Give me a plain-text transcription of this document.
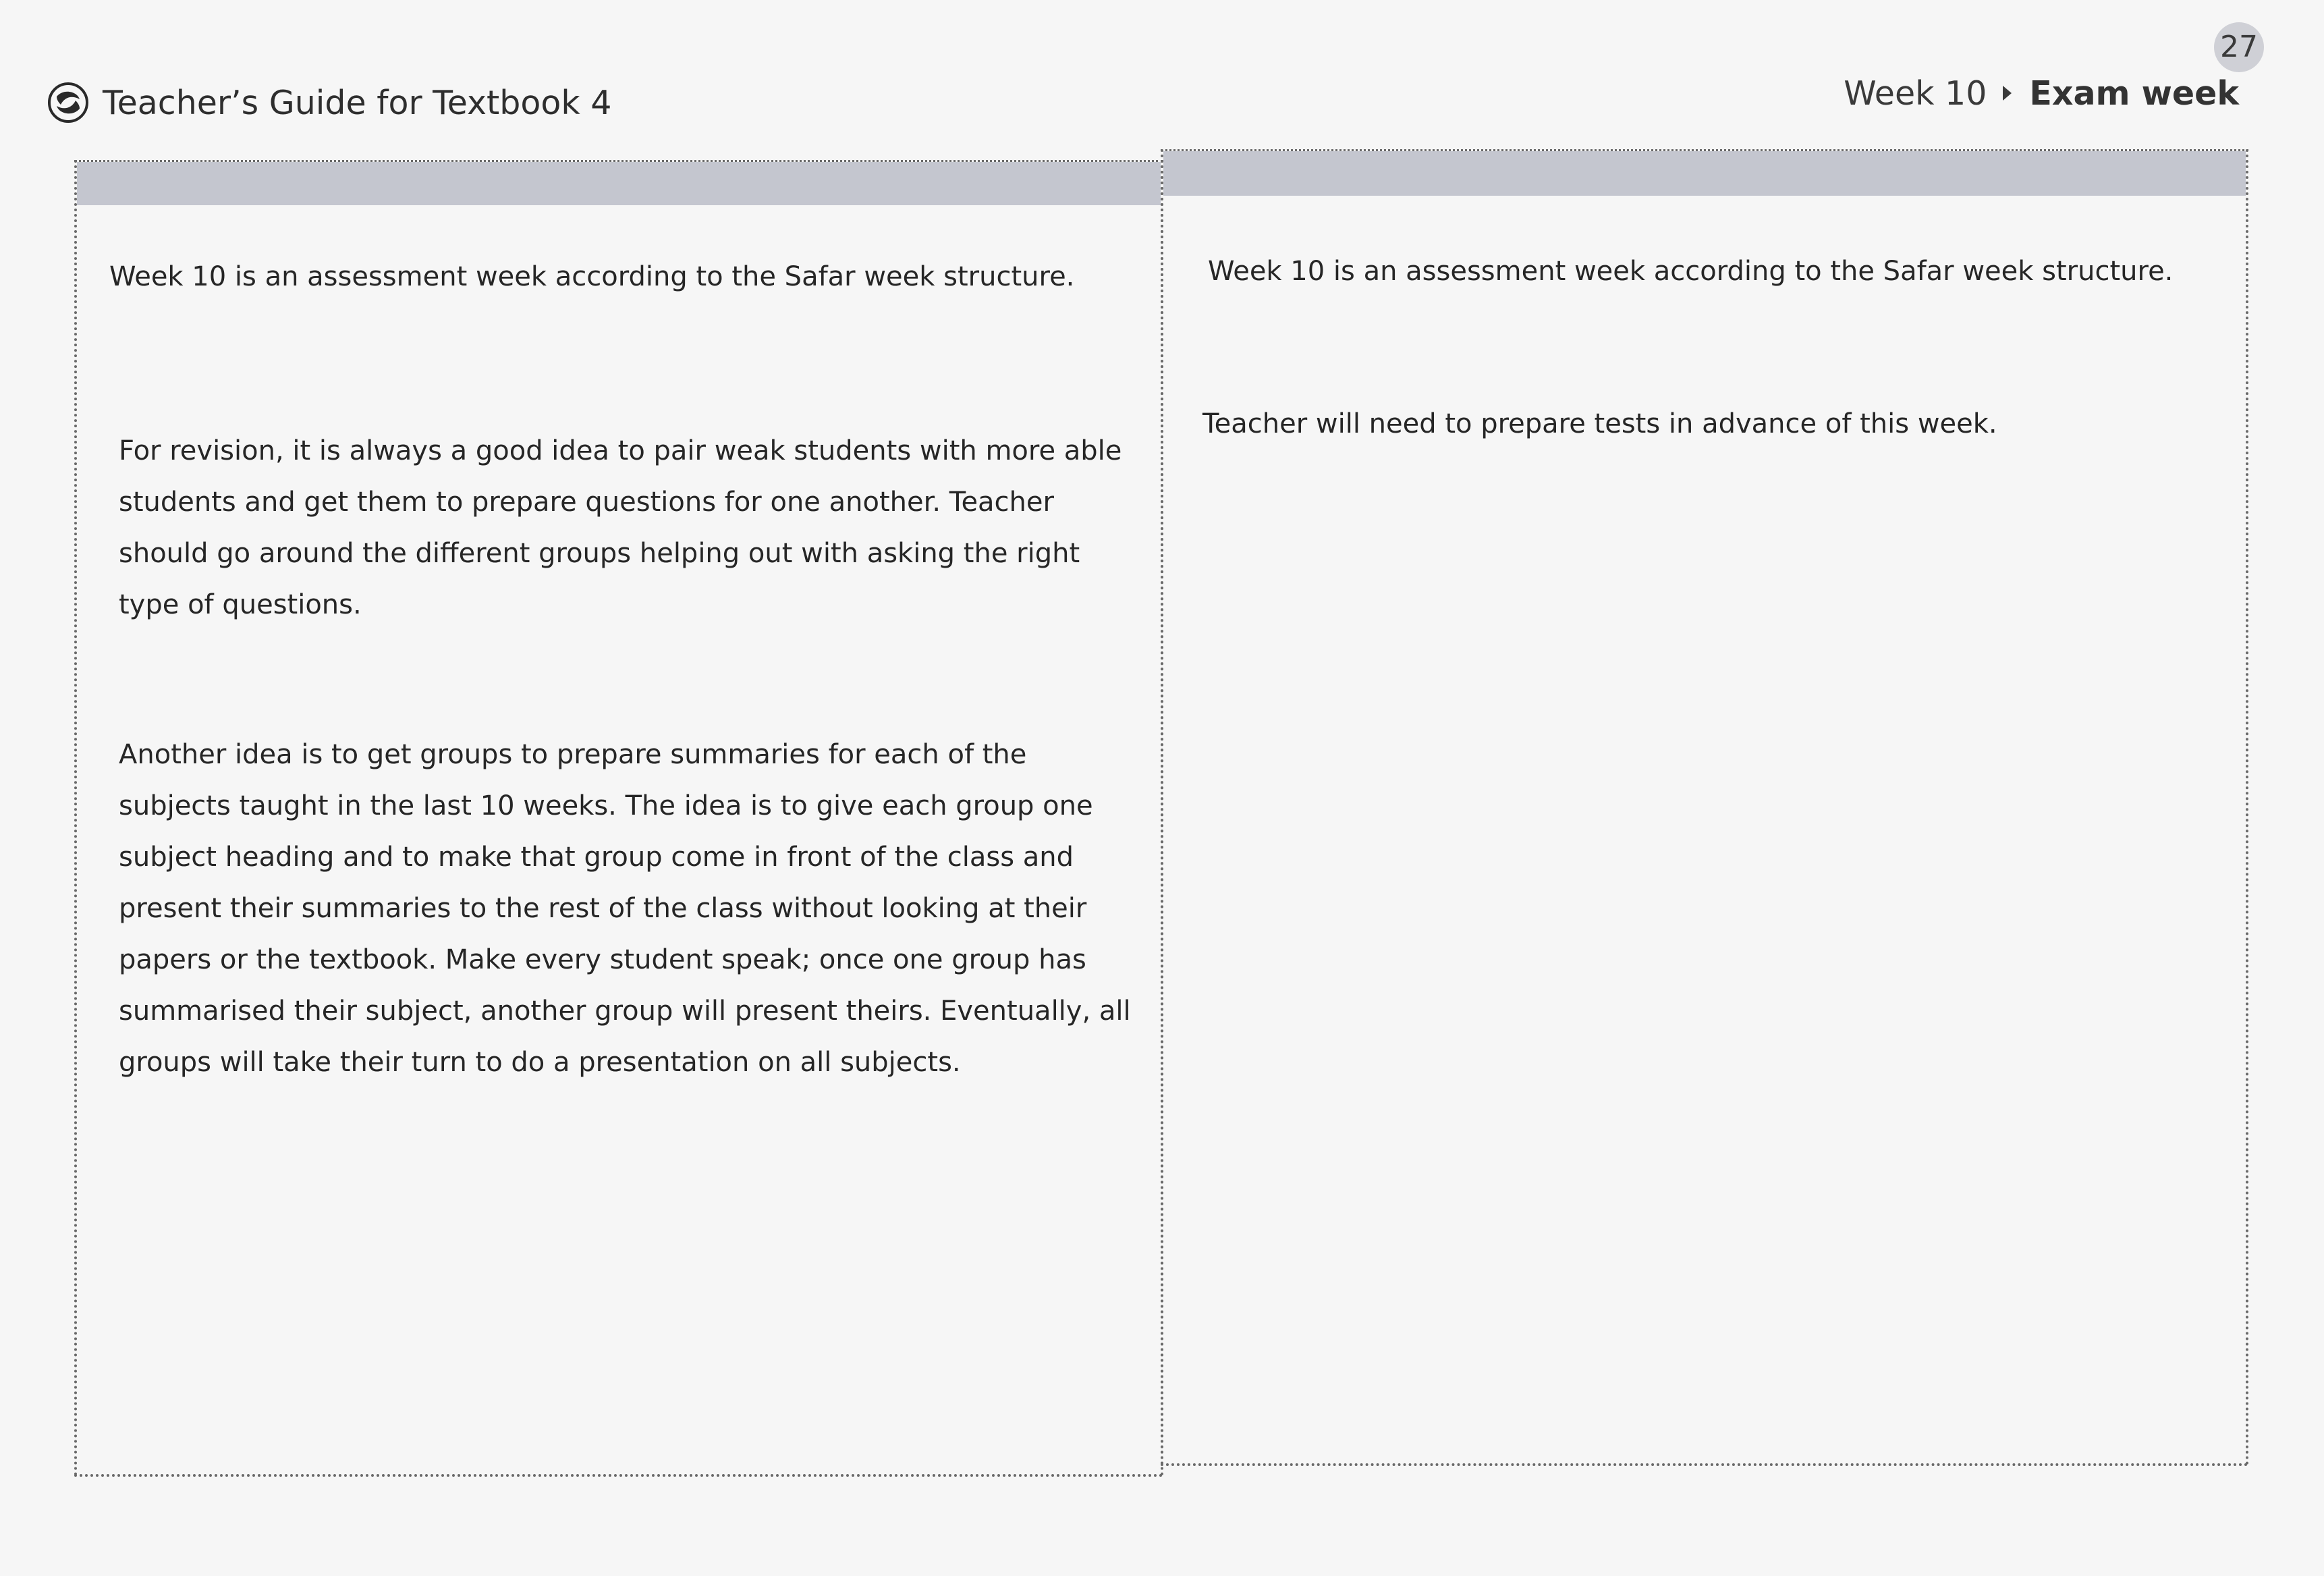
27
Teacher’s Guide for Textbook 4	Week 10 Exam week

Week 10 is an assessment week according to the Safar week structure.

For revision, it is always a good idea to pair weak students with more able students and get them to prepare questions for one another. Teacher should go around the different groups helping out with asking the right type of questions.

Another idea is to get groups to prepare summaries for each of the subjects taught in the last 10 weeks. The idea is to give each group one subject heading and to make that group come in front of the class and present their summaries to the rest of the class without looking at their papers or the textbook. Make every student speak; once one group has summarised their subject, another group will present theirs. Eventually, all groups will take their turn to do a presentation on all subjects.

Week 10 is an assessment week according to the Safar week structure.

Teacher will need to prepare tests in advance of this week.
